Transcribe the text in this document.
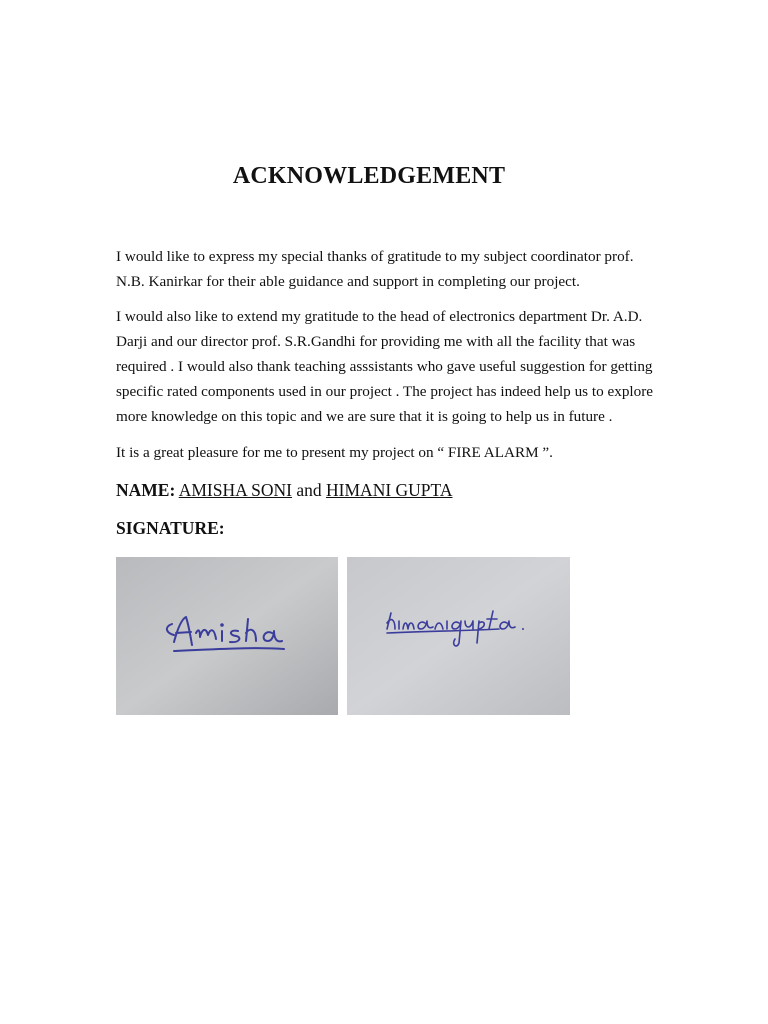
ACKNOWLEDGEMENT

I would like to express my special thanks of gratitude to my subject coordinator prof.
N.B. Kanirkar for their able guidance and support in completing our project.

I would also like to extend my gratitude to the head of electronics department Dr. A.D.
Darji and our director prof. S.R.Gandhi for providing me with all the facility that was
required . I would also thank teaching asssistants who gave useful suggestion for getting
specific rated components used in our project . The project has indeed help us to explore
more knowledge on this topic and we are sure that it is going to help us in future .

It is a great pleasure for me to present my project on “ FIRE ALARM ”.

NAME: AMISHA SONI and HIMANI GUPTA
SIGNATURE:
